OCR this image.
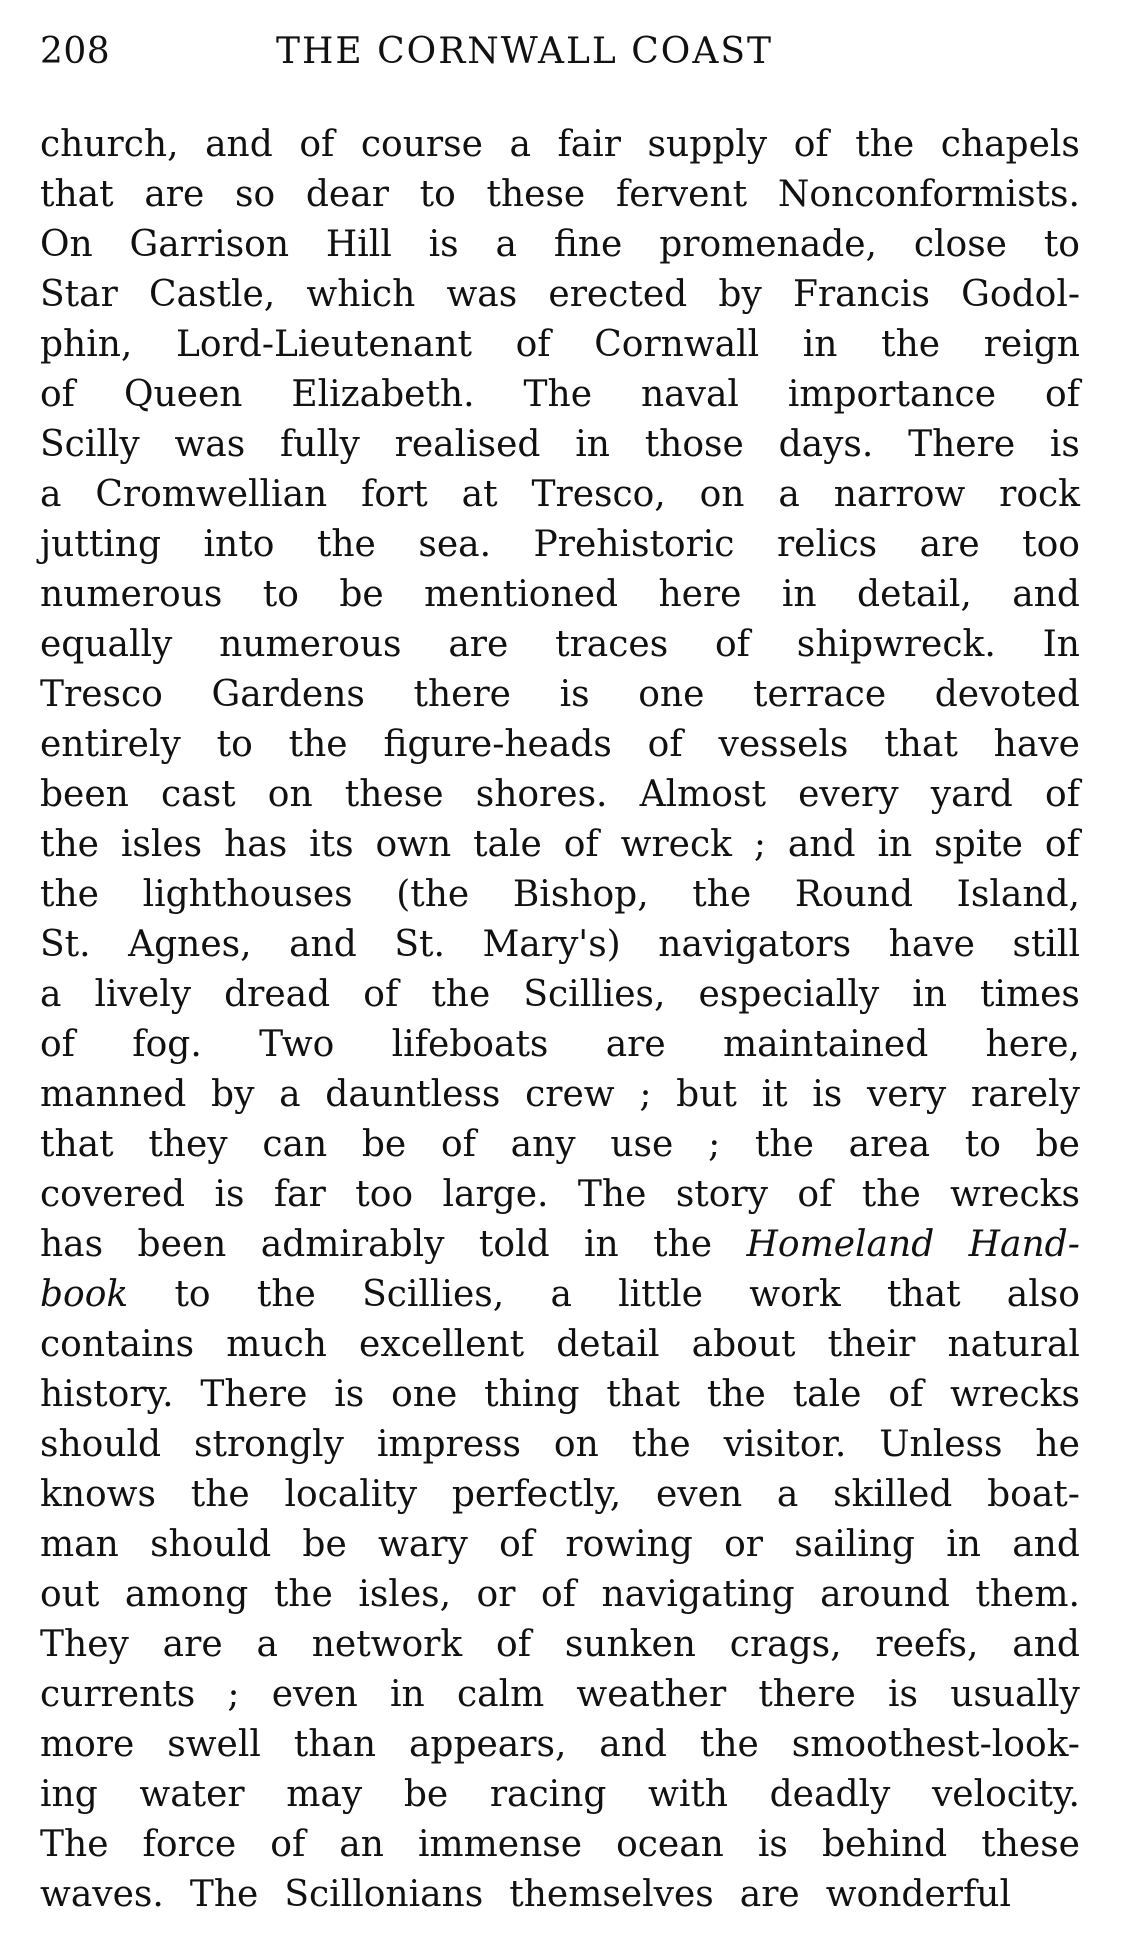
208	THE CORNWALL COAST
church, and of course a fair supply of the chapels
that are so dear to these fervent Nonconformists.
On Garrison Hill is a fine promenade, close to
Star Castle, which was erected by Francis Godol-
phin, Lord-Lieutenant of Cornwall in the reign
of Queen Elizabeth. The naval importance of
Scilly was fully realised in those days. There is
a Cromwellian fort at Tresco, on a narrow rock
jutting into the sea. Prehistoric relics are too
numerous to be mentioned here in detail, and
equally numerous are traces of shipwreck. In
Tresco Gardens there is one terrace devoted
entirely to the figure-heads of vessels that have
been cast on these shores. Almost every yard of
the isles has its own tale of wreck ; and in spite of
the lighthouses (the Bishop, the Round Island,
St. Agnes, and St. Mary's) navigators have still
a lively dread of the Scillies, especially in times
of fog. Two lifeboats are maintained here,
manned by a dauntless crew ; but it is very rarely
that they can be of any use ; the area to be
covered is far too large. The story of the wrecks
has been admirably told in the Homeland Hand-
book to the Scillies, a little work that also
contains much excellent detail about their natural
history. There is one thing that the tale of wrecks
should strongly impress on the visitor. Unless he
knows the locality perfectly, even a skilled boat-
man should be wary of rowing or sailing in and
out among the isles, or of navigating around them.
They are a network of sunken crags, reefs, and
currents ; even in calm weather there is usually
more swell than appears, and the smoothest-look-
ing water may be racing with deadly velocity.
The force of an immense ocean is behind these
waves. The Scillonians themselves are wonderful
